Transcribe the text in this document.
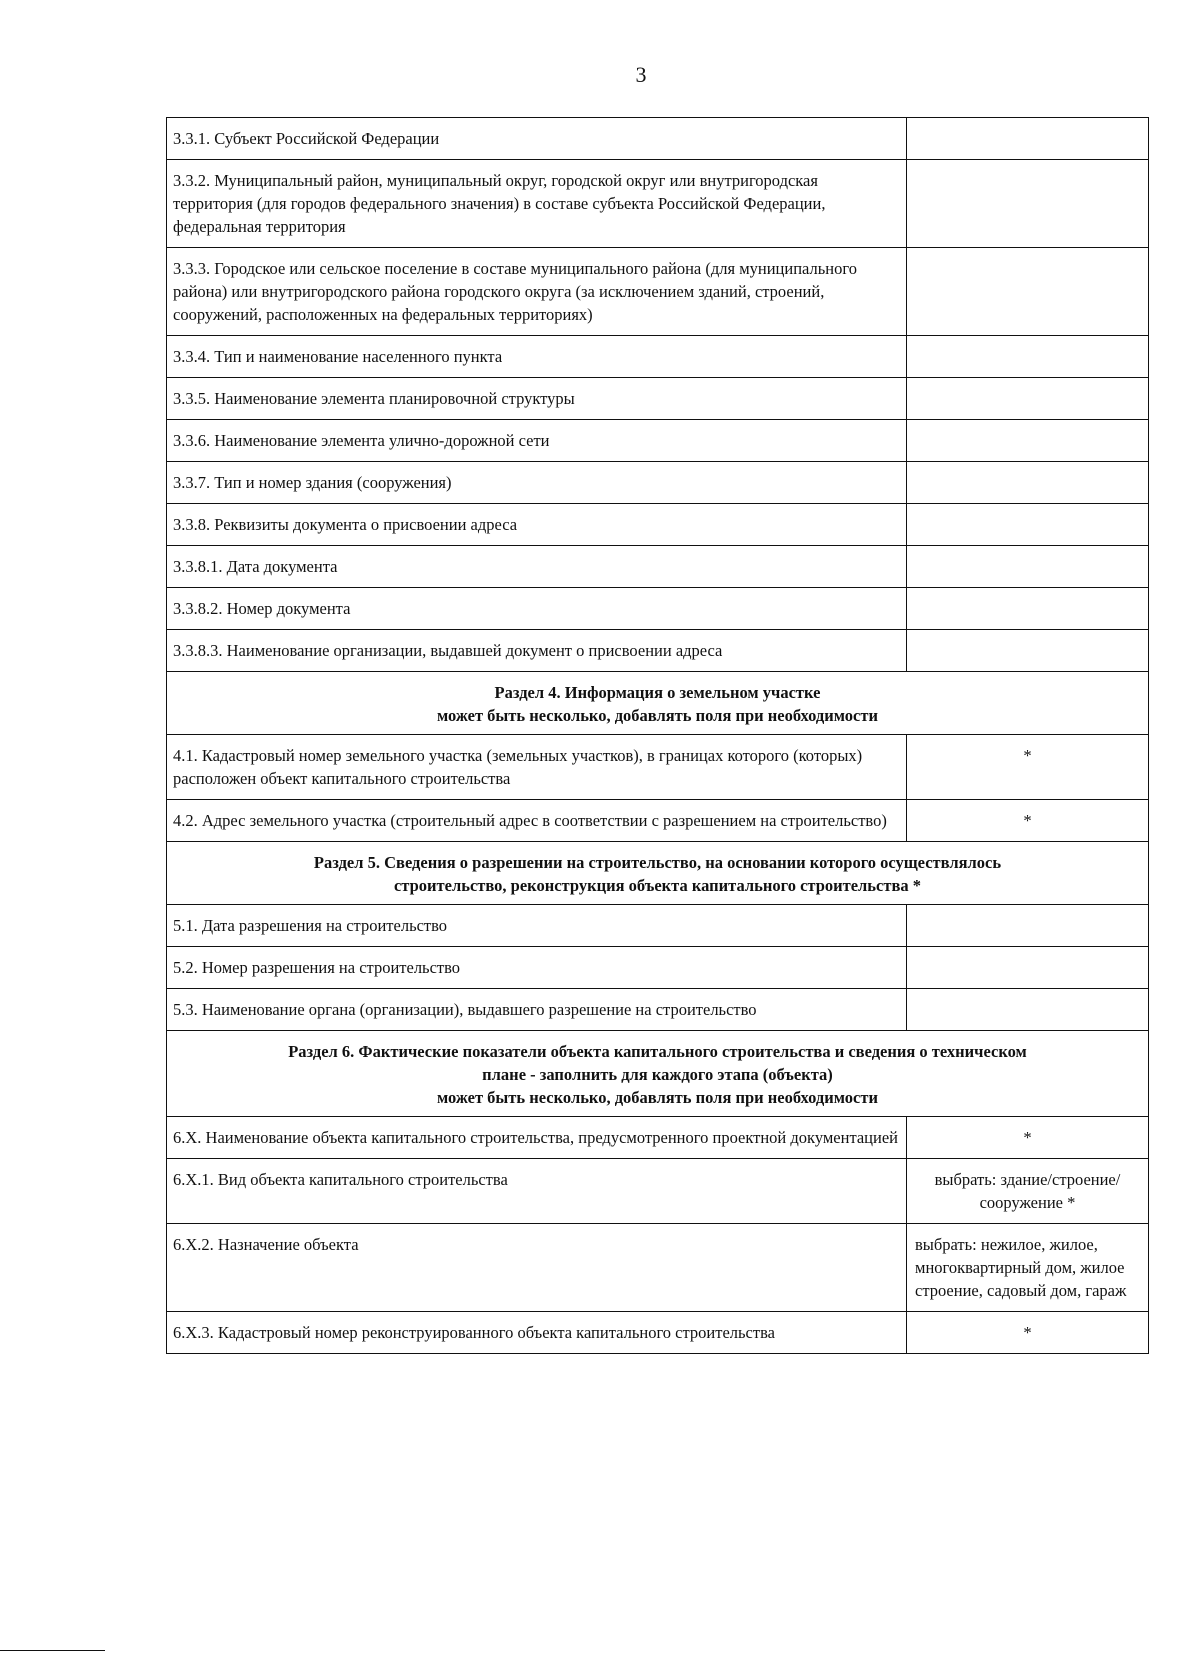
3
3.3.1. Субъект Российской Федерации	
3.3.2. Муниципальный район, муниципальный округ, городской округ или внутригородская территория (для городов федерального значения) в составе субъекта Российской Федерации, федеральная территория	
3.3.3. Городское или сельское поселение в составе муниципального района (для муниципального района) или внутригородского района городского округа (за исключением зданий, строений, сооружений, расположенных на федеральных территориях)	
3.3.4. Тип и наименование населенного пункта	
3.3.5. Наименование элемента планировочной структуры	
3.3.6. Наименование элемента улично-дорожной сети	
3.3.7. Тип и номер здания (сооружения)	
3.3.8. Реквизиты документа о присвоении адреса	
3.3.8.1. Дата документа	
3.3.8.2. Номер документа	
3.3.8.3. Наименование организации, выдавшей документ о присвоении адреса	

Раздел 4. Информация о земельном участке
может быть несколько, добавлять поля при необходимости	

4.1. Кадастровый номер земельного участка (земельных участков), в границах которого (которых) расположен объект капитального строительства	*
4.2. Адрес земельного участка (строительный адрес в соответствии с разрешением на строительство)	*

Раздел 5. Сведения о разрешении на строительство, на основании которого осуществлялось
строительство, реконструкция объекта капитального строительства *	

5.1. Дата разрешения на строительство	
5.2. Номер разрешения на строительство	
5.3. Наименование органа (организации), выдавшего разрешение на строительство	

Раздел 6. Фактические показатели объекта капитального строительства и сведения о техническом
плане - заполнить для каждого этапа (объекта)
может быть несколько, добавлять поля при необходимости	

6.Х. Наименование объекта капитального строительства, предусмотренного проектной документацией	*
6.Х.1. Вид объекта капитального строительства	выбрать: здание/строение/сооружение *
6.Х.2. Назначение объекта	выбрать: нежилое, жилое, многоквартирный дом, жилое строение, садовый дом, гараж
6.Х.3. Кадастровый номер реконструированного объекта капитального строительства	*
